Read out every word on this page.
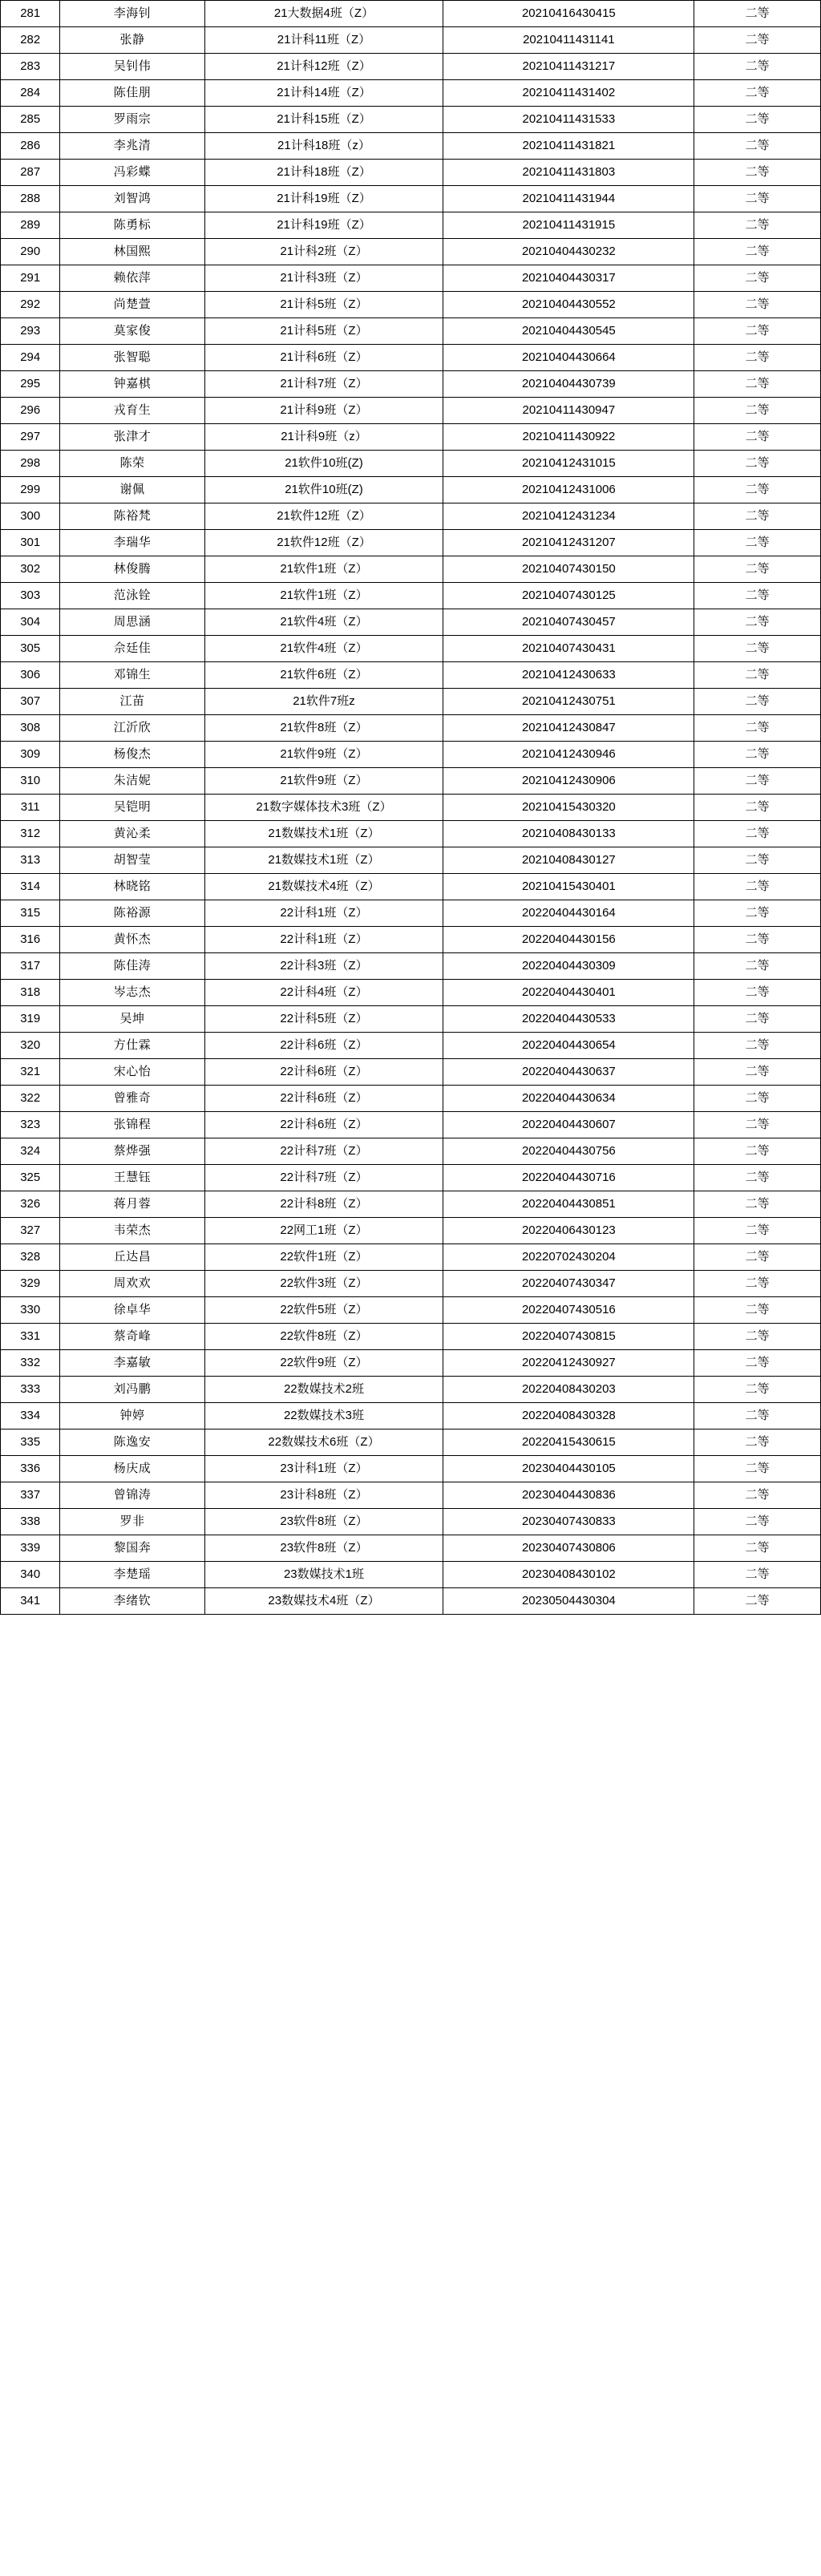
281	李海钊	21大数据4班（Z）	20210416430415	二等
282	张静	21计科11班（Z）	20210411431141	二等
283	吴钊伟	21计科12班（Z）	20210411431217	二等
284	陈佳朋	21计科14班（Z）	20210411431402	二等
285	罗雨宗	21计科15班（Z）	20210411431533	二等
286	李兆清	21计科18班（z）	20210411431821	二等
287	冯彩蝶	21计科18班（Z）	20210411431803	二等
288	刘智鸿	21计科19班（Z）	20210411431944	二等
289	陈勇标	21计科19班（Z）	20210411431915	二等
290	林国熙	21计科2班（Z）	20210404430232	二等
291	赖依萍	21计科3班（Z）	20210404430317	二等
292	尚楚萱	21计科5班（Z）	20210404430552	二等
293	莫家俊	21计科5班（Z）	20210404430545	二等
294	张智聪	21计科6班（Z）	20210404430664	二等
295	钟嘉棋	21计科7班（Z）	20210404430739	二等
296	戎育生	21计科9班（Z）	20210411430947	二等
297	张津才	21计科9班（z）	20210411430922	二等
298	陈荣	21软件10班(Z)	20210412431015	二等
299	谢佩	21软件10班(Z)	20210412431006	二等
300	陈裕梵	21软件12班（Z）	20210412431234	二等
301	李瑞华	21软件12班（Z）	20210412431207	二等
302	林俊腾	21软件1班（Z）	20210407430150	二等
303	范泳铨	21软件1班（Z）	20210407430125	二等
304	周思涵	21软件4班（Z）	20210407430457	二等
305	佘廷佳	21软件4班（Z）	20210407430431	二等
306	邓锦生	21软件6班（Z）	20210412430633	二等
307	江苗	21软件7班z	20210412430751	二等
308	江沂欣	21软件8班（Z）	20210412430847	二等
309	杨俊杰	21软件9班（Z）	20210412430946	二等
310	朱洁妮	21软件9班（Z）	20210412430906	二等
311	吴铠明	21数字媒体技术3班（Z）	20210415430320	二等
312	黄沁柔	21数媒技术1班（Z）	20210408430133	二等
313	胡智莹	21数媒技术1班（Z）	20210408430127	二等
314	林晓铭	21数媒技术4班（Z）	20210415430401	二等
315	陈裕源	22计科1班（Z）	20220404430164	二等
316	黄怀杰	22计科1班（Z）	20220404430156	二等
317	陈佳涛	22计科3班（Z）	20220404430309	二等
318	岑志杰	22计科4班（Z）	20220404430401	二等
319	吴坤	22计科5班（Z）	20220404430533	二等
320	方仕霖	22计科6班（Z）	20220404430654	二等
321	宋心怡	22计科6班（Z）	20220404430637	二等
322	曾雅奇	22计科6班（Z）	20220404430634	二等
323	张锦程	22计科6班（Z）	20220404430607	二等
324	蔡烨强	22计科7班（Z）	20220404430756	二等
325	王慧钰	22计科7班（Z）	20220404430716	二等
326	蒋月蓉	22计科8班（Z）	20220404430851	二等
327	韦荣杰	22网工1班（Z）	20220406430123	二等
328	丘达昌	22软件1班（Z）	20220702430204	二等
329	周欢欢	22软件3班（Z）	20220407430347	二等
330	徐卓华	22软件5班（Z）	20220407430516	二等
331	蔡奇峰	22软件8班（Z）	20220407430815	二等
332	李嘉敏	22软件9班（Z）	20220412430927	二等
333	刘冯鹏	22数媒技术2班	20220408430203	二等
334	钟婷	22数媒技术3班	20220408430328	二等
335	陈逸安	22数媒技术6班（Z）	20220415430615	二等
336	杨庆成	23计科1班（Z）	20230404430105	二等
337	曾锦涛	23计科8班（Z）	20230404430836	二等
338	罗非	23软件8班（Z）	20230407430833	二等
339	黎国奔	23软件8班（Z）	20230407430806	二等
340	李楚瑶	23数媒技术1班	20230408430102	二等
341	李绪钦	23数媒技术4班（Z）	20230504430304	二等
